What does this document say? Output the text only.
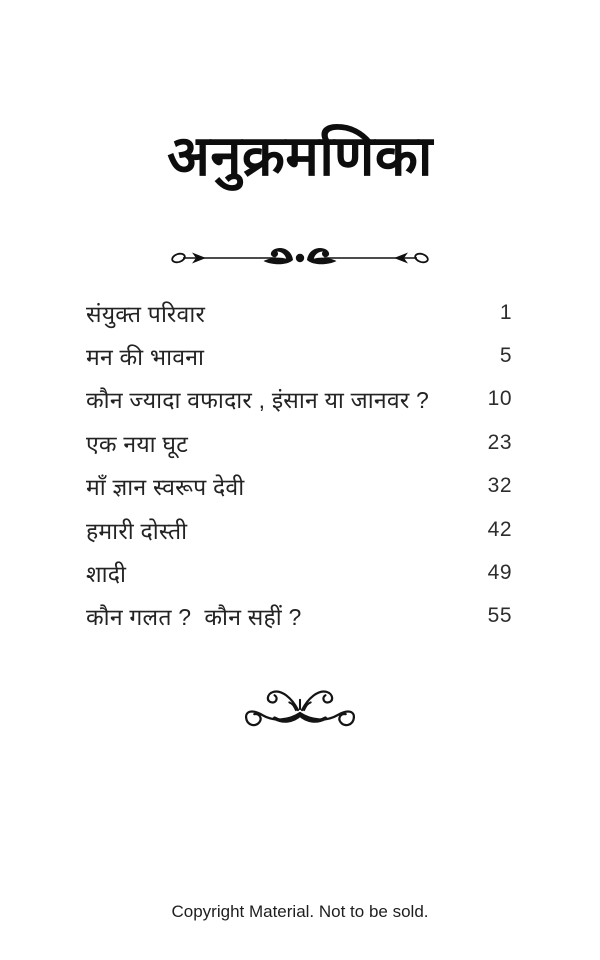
अनुक्रमणिका
संयुक्त परिवार	1
मन की भावना	5
कौन ज्यादा वफादार , इंसान या जानवर ?	10
एक नया घूट	23
माँ ज्ञान स्वरूप देवी	32
हमारी दोस्ती	42
शादी	49
कौन गलत ?  कौन सहीं ?	55
Copyright Material. Not to be sold.
